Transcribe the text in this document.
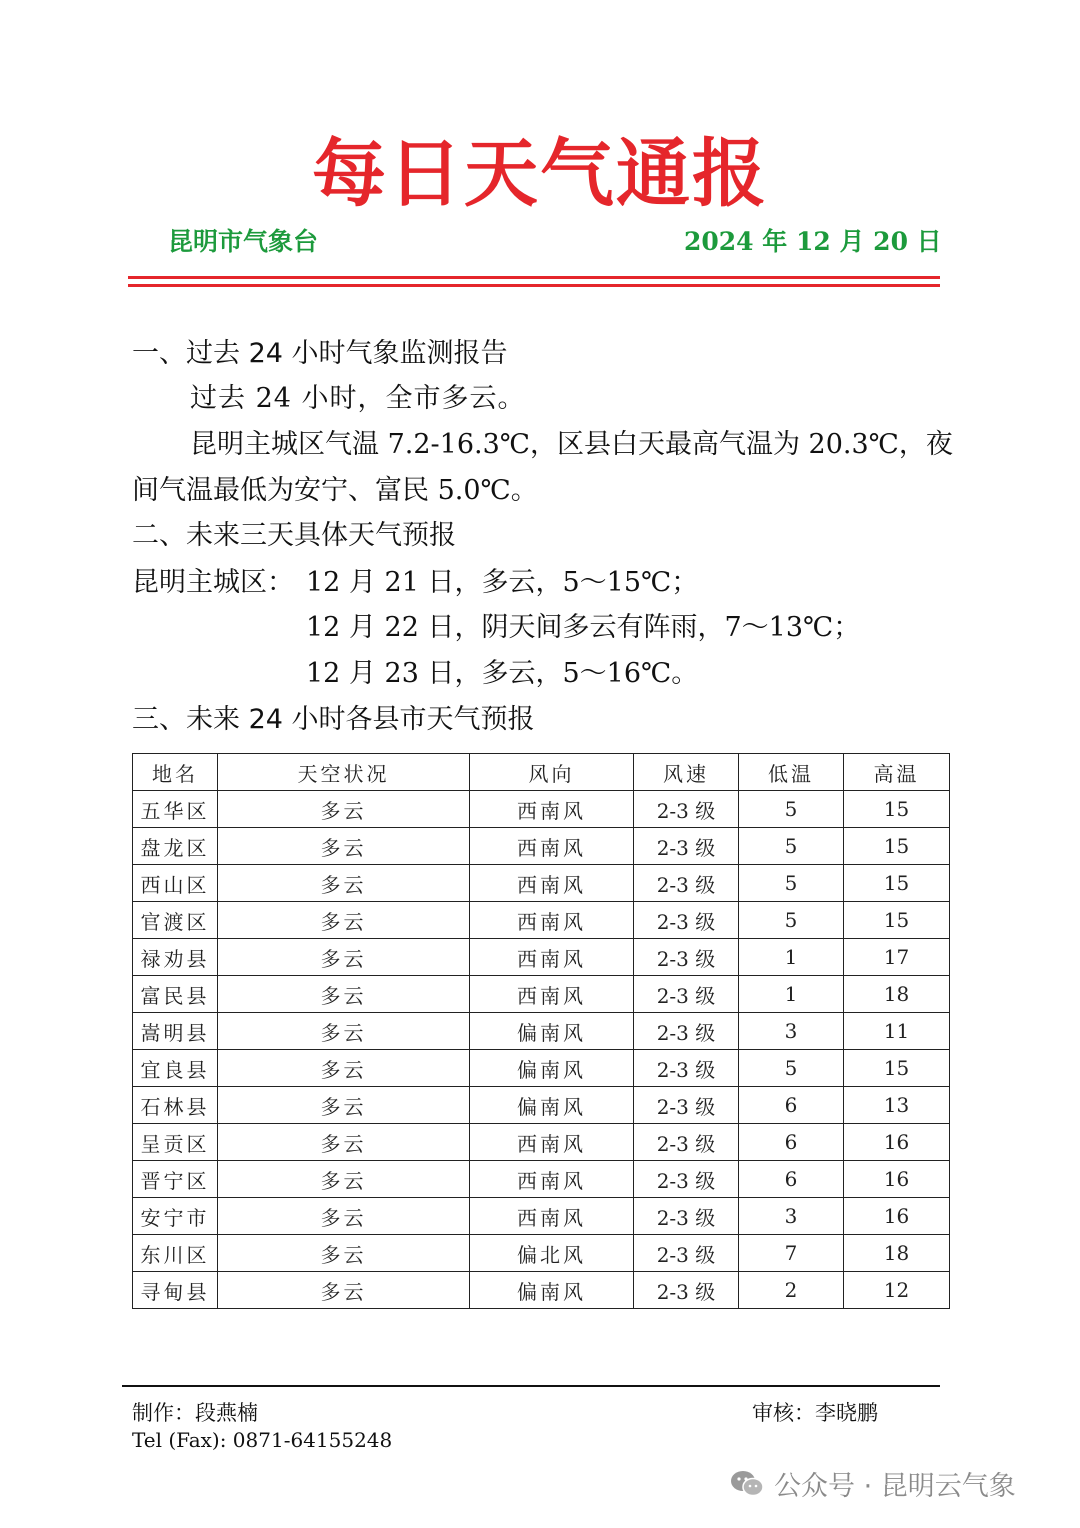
每日天气通报
昆明市气象台	2024 年 12 月 20 日
一、过去 24 小时气象监测报告
过去 24 小时，全市多云。
昆明主城区气温 7.2-16.3℃，区县白天最高气温为 20.3℃，夜
间气温最低为安宁、富民 5.0℃。
二、未来三天具体天气预报
昆明主城区： 12 月 21 日，多云，5～15℃；
12 月 22 日，阴天间多云有阵雨，7～13℃；
12 月 23 日，多云，5～16℃。
三、未来 24 小时各县市天气预报
地名	天空状况	风向	风速	低温	高温
五华区	多云	西南风	2-3 级	5	15
盘龙区	多云	西南风	2-3 级	5	15
西山区	多云	西南风	2-3 级	5	15
官渡区	多云	西南风	2-3 级	5	15
禄劝县	多云	西南风	2-3 级	1	17
富民县	多云	西南风	2-3 级	1	18
嵩明县	多云	偏南风	2-3 级	3	11
宜良县	多云	偏南风	2-3 级	5	15
石林县	多云	偏南风	2-3 级	6	13
呈贡区	多云	西南风	2-3 级	6	16
晋宁区	多云	西南风	2-3 级	6	16
安宁市	多云	西南风	2-3 级	3	16
东川区	多云	偏北风	2-3 级	7	18
寻甸县	多云	偏南风	2-3 级	2	12
制作：段燕楠	审核：李晓鹏
Tel (Fax): 0871-64155248
公众号 · 昆明云气象
